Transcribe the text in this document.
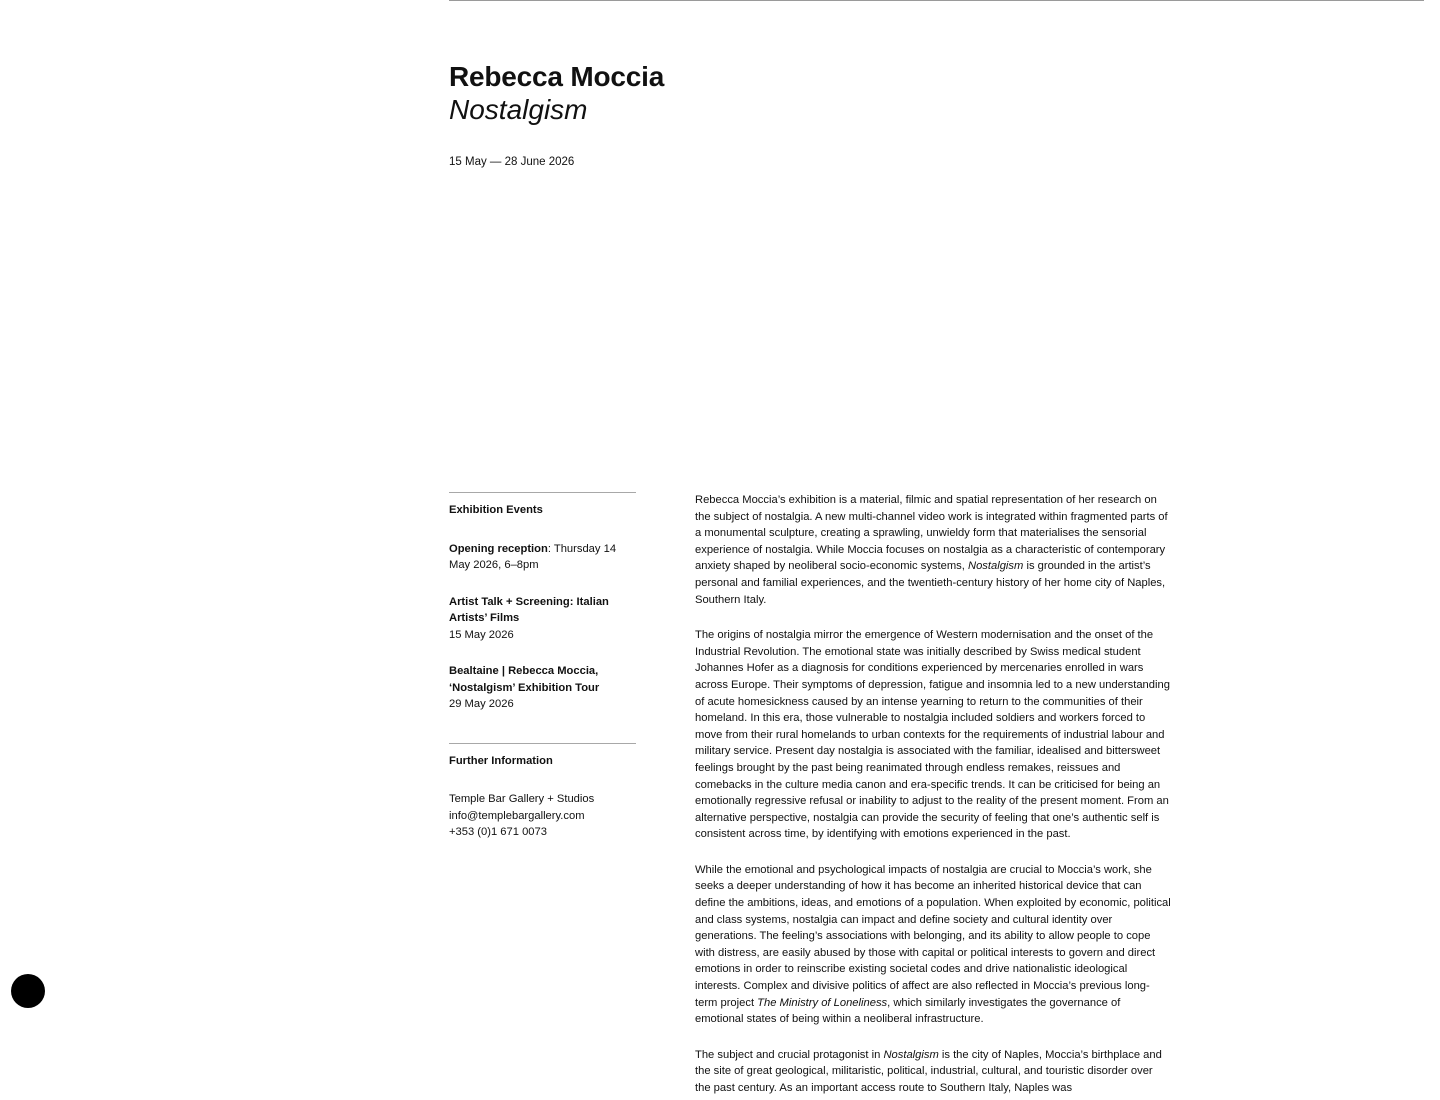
Rebecca Moccia
Nostalgism
15 May — 28 June 2026
Exhibition Events
Opening reception: Thursday 14 May 2026, 6–8pm
Artist Talk + Screening: Italian Artists’ Films
15 May 2026
Bealtaine | Rebecca Moccia, ‘Nostalgism’ Exhibition Tour
29 May 2026
Further Information
Temple Bar Gallery + Studios
info@templebargallery.com
+353 (0)1 671 0073

Rebecca Moccia’s exhibition is a material, filmic and spatial representation of her research on the subject of nostalgia. A new multi-channel video work is integrated within fragmented parts of a monumental sculpture, creating a sprawling, unwieldy form that materialises the sensorial experience of nostalgia. While Moccia focuses on nostalgia as a characteristic of contemporary anxiety shaped by neoliberal socio-economic systems, Nostalgism is grounded in the artist’s personal and familial experiences, and the twentieth-century history of her home city of Naples, Southern Italy.

The origins of nostalgia mirror the emergence of Western modernisation and the onset of the Industrial Revolution. The emotional state was initially described by Swiss medical student Johannes Hofer as a diagnosis for conditions experienced by mercenaries enrolled in wars across Europe. Their symptoms of depression, fatigue and insomnia led to a new understanding of acute homesickness caused by an intense yearning to return to the communities of their homeland. In this era, those vulnerable to nostalgia included soldiers and workers forced to move from their rural homelands to urban contexts for the requirements of industrial labour and military service. Present day nostalgia is associated with the familiar, idealised and bittersweet feelings brought by the past being reanimated through endless remakes, reissues and comebacks in the culture media canon and era-specific trends. It can be criticised for being an emotionally regressive refusal or inability to adjust to the reality of the present moment. From an alternative perspective, nostalgia can provide the security of feeling that one’s authentic self is consistent across time, by identifying with emotions experienced in the past.

While the emotional and psychological impacts of nostalgia are crucial to Moccia’s work, she seeks a deeper understanding of how it has become an inherited historical device that can define the ambitions, ideas, and emotions of a population. When exploited by economic, political and class systems, nostalgia can impact and define society and cultural identity over generations. The feeling’s associations with belonging, and its ability to allow people to cope with distress, are easily abused by those with capital or political interests to govern and direct emotions in order to reinscribe existing societal codes and drive nationalistic ideological interests. Complex and divisive politics of affect are also reflected in Moccia’s previous long-term project The Ministry of Loneliness, which similarly investigates the governance of emotional states of being within a neoliberal infrastructure.

The subject and crucial protagonist in Nostalgism is the city of Naples, Moccia’s birthplace and the site of great geological, militaristic, political, industrial, cultural, and touristic disorder over the past century. As an important access route to Southern Italy, Naples was
